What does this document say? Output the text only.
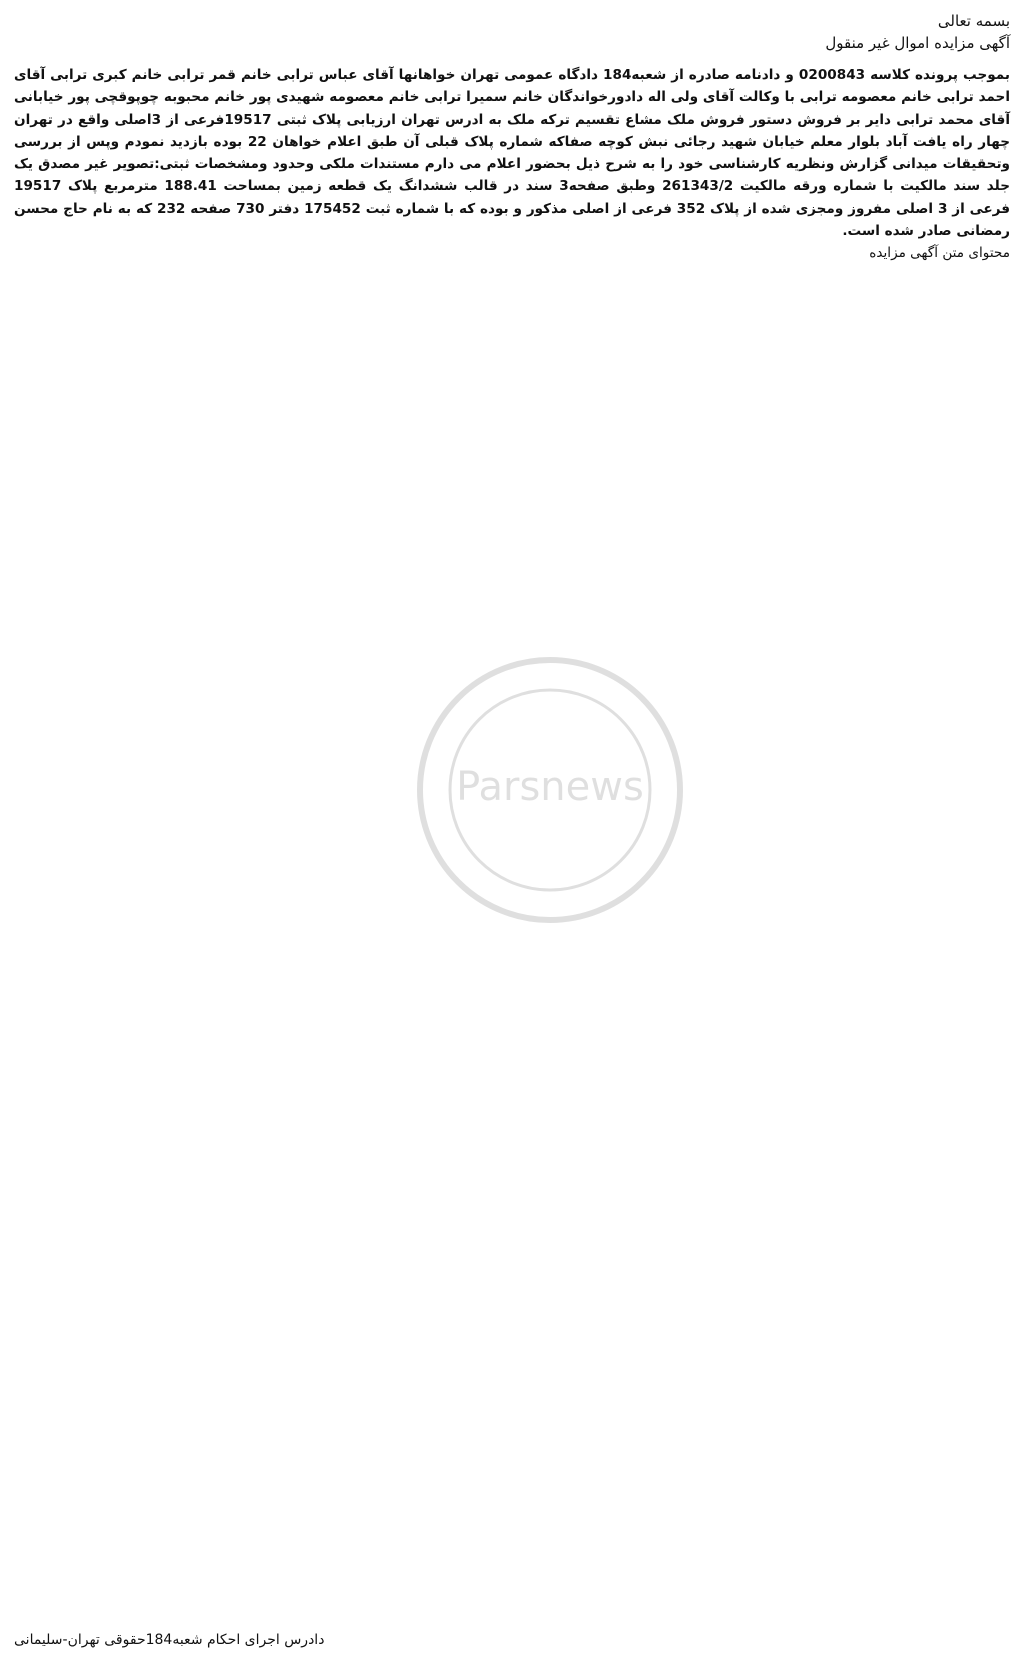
Parsnews
بسمه تعالی
آگهی مزایده اموال غیر منقول

بموجب پرونده کلاسه 0200843 و دادنامه صادره از شعبه184 دادگاه عمومی تهران خواهانها آقای عباس ترابی خانم قمر ترابی خانم کبری ترابی آقای احمد ترابی خانم معصومه ترابی با وکالت آقای ولی اله دادورخواندگان خانم سمیرا ترابی خانم معصومه شهیدی پور خانم محبوبه چوپوقچی پور خیابانی آقای محمد ترابی دایر بر فروش دستور فروش ملک مشاع تقسیم ترکه ملک به ادرس تهران ارزیابی پلاک ثبتی 19517فرعی از 3اصلی واقع در تهران چهار راه یافت آباد بلوار معلم خیابان شهید رجائی نبش کوچه صفاکه شماره پلاک قبلی آن طبق اعلام خواهان 22 بوده بازدید نمودم وپس از بررسی وتحقیقات میدانی گزارش ونظریه کارشناسی خود را به شرح ذیل بحضور اعلام می دارم مستندات ملکی وحدود ومشخصات ثبتی:تصویر غیر مصدق یک جلد سند مالکیت با شماره ورقه مالکیت 261343/2 وطبق صفحه3 سند در قالب ششدانگ یک قطعه زمین بمساحت 188.41 مترمربع پلاک 19517 فرعی از 3 اصلی مفروز ومجزی شده از پلاک 352 فرعی از اصلی مذکور و بوده که با شماره ثبت 175452 دفتر 730 صفحه 232 که به نام حاج محسن رمضانی صادر شده است.

محتوای متن آگهی مزایده

دادرس اجرای احکام شعبه184حقوقی تهران-سلیمانی
